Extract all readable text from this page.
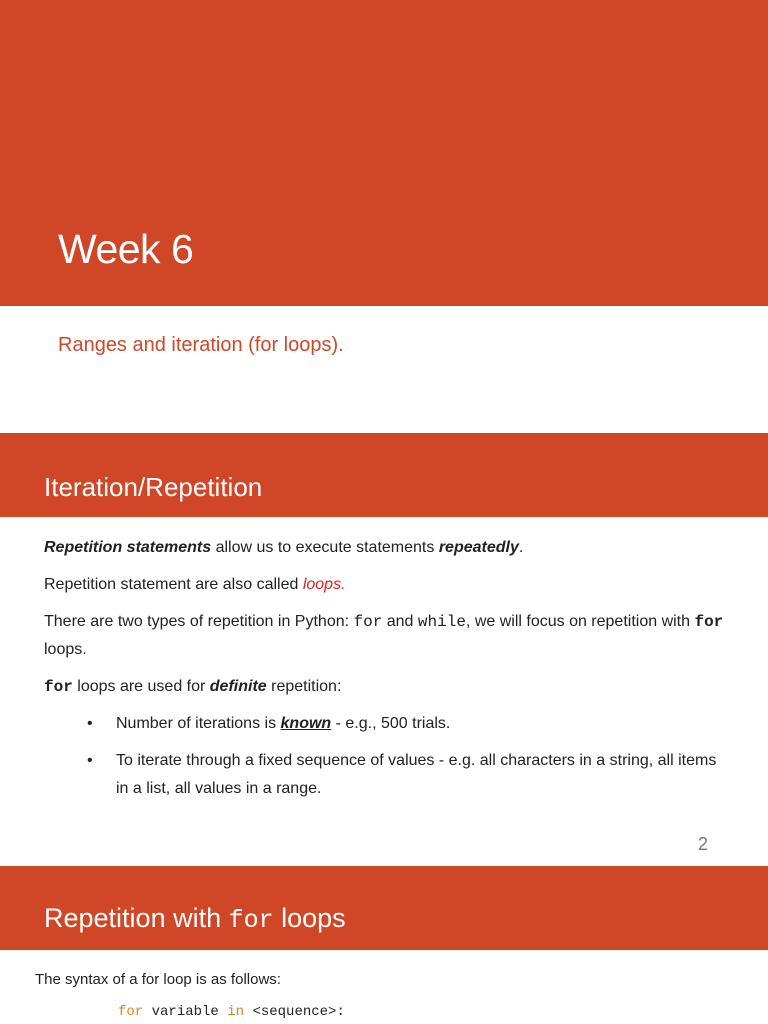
Week 6
Ranges and iteration (for loops).
Iteration/Repetition

Repetition statements allow us to execute statements repeatedly.

Repetition statement are also called loops.

There are two types of repetition in Python: for and while, we will focus on repetition with for loops.

for loops are used for definite repetition:

• Number of iterations is known - e.g., 500 trials.
• To iterate through a fixed sequence of values - e.g. all characters in a string, all items in a list, all values in a range.
2
Repetition with for loops
The syntax of a for loop is as follows:
for variable in <sequence>:
